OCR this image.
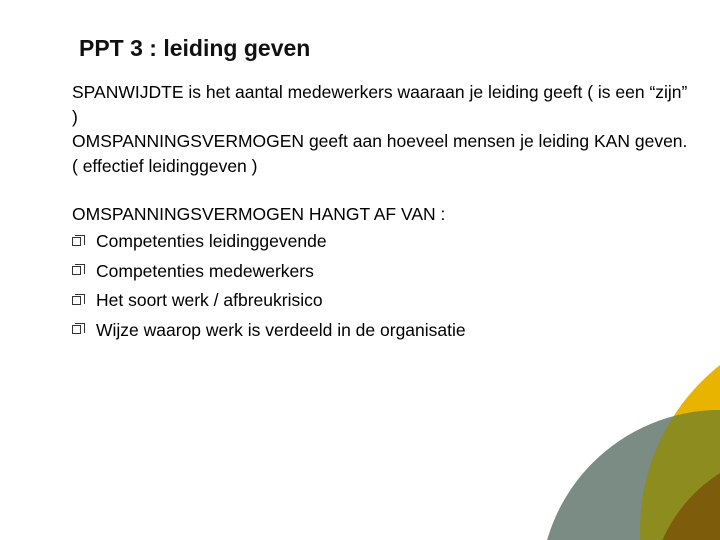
PPT 3 : leiding geven

SPANWIJDTE is het aantal medewerkers waaraan je leiding geeft ( is een “zijn” )

OMSPANNINGSVERMOGEN geeft aan hoeveel mensen je leiding KAN geven. ( effectief leidinggeven )

OMSPANNINGSVERMOGEN HANGT AF VAN :

Competenties leidinggevende
Competenties medewerkers
Het soort werk / afbreukrisico
Wijze waarop werk is verdeeld in de organisatie
